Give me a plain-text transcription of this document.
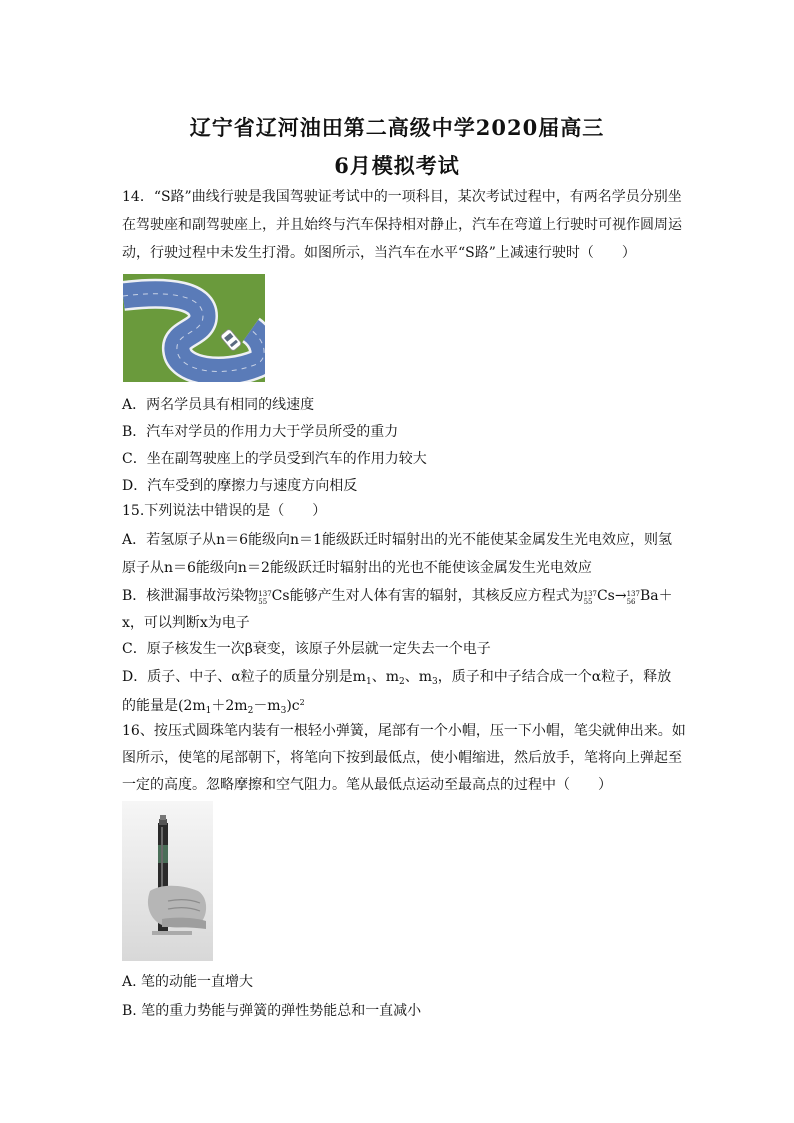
辽宁省辽河油田第二高级中学2020届高三
6月模拟考试
14．“S路”曲线行驶是我国驾驶证考试中的一项科目，某次考试过程中，有两名学员分别坐
在驾驶座和副驾驶座上，并且始终与汽车保持相对静止，汽车在弯道上行驶时可视作圆周运
动，行驶过程中未发生打滑。如图所示，当汽车在水平“S路”上减速行驶时（　　）
A．两名学员具有相同的线速度
B．汽车对学员的作用力大于学员所受的重力
C．坐在副驾驶座上的学员受到汽车的作用力较大
D．汽车受到的摩擦力与速度方向相反
15.下列说法中错误的是（　　）
A．若氢原子从n＝6能级向n＝1能级跃迁时辐射出的光不能使某金属发生光电效应，则氢
原子从n＝6能级向n＝2能级跃迁时辐射出的光也不能使该金属发生光电效应
B．核泄漏事故污染物 137
55 Cs能够产生对人体有害的辐射，其核反应方程式为 137
55 Cs→ 137
56 Ba＋
x，可以判断x为电子
C．原子核发生一次β衰变，该原子外层就一定失去一个电子
D．质子、中子、α粒子的质量分别是$m_1$、$m_2$、$m_3$，质子和中子结合成一个α粒子，释放
的能量是$(2m_1+2m_2-m_3)c^2$
16、按压式圆珠笔内装有一根轻小弹簧，尾部有一个小帽，压一下小帽，笔尖就伸出来。如
图所示，使笔的尾部朝下，将笔向下按到最低点，使小帽缩进，然后放手，笔将向上弹起至
一定的高度。忽略摩擦和空气阻力。笔从最低点运动至最高点的过程中（　　）
A. 笔的动能一直增大
B. 笔的重力势能与弹簧的弹性势能总和一直减小
